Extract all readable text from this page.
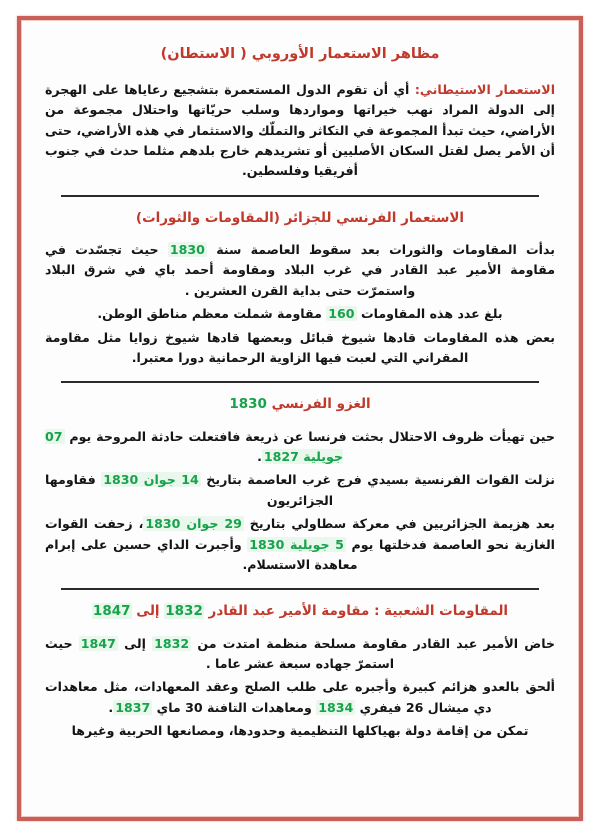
مظاهر الاستعمار الأوروبي ( الاستطان)

الاستعمار الاستيطاني: أي أن تقوم الدول المستعمرة بتشجيع رعاياها على الهجرة إلى الدولة المراد نهب خيراتها ومواردها وسلب حريّاتها واحتلال مجموعة من الأراضي، حيث تبدأ المجموعة في التكاثر والتملّك والاستثمار في هذه الأراضي، حتى أن الأمر يصل لقتل السكان الأصليين أو تشريدهم خارج بلدهم مثلما حدث في جنوب أفريقيا وفلسطين.

الاستعمار الفرنسي للجزائر (المقاومات والثورات)

بدأت المقاومات والثورات بعد سقوط العاصمة سنة 1830 حيث تجسّدت في مقاومة الأمير عبد القادر في غرب البلاد ومقاومة أحمد باي في شرق البلاد واستمرّت حتى بداية القرن العشرين .

بلغ عدد هذه المقاومات 160 مقاومة شملت معظم مناطق الوطن.

بعض هذه المقاومات قادها شيوخ قبائل وبعضها قادها شيوخ زوايا مثل مقاومة المقراني التي لعبت فيها الزاوية الرحمانية دورا معتبرا.

الغزو الفرنسي 1830

حين تهيأت ظروف الاحتلال بحثت فرنسا عن ذريعة فافتعلت حادثة المروحة يوم 07 جويلية 1827.

نزلت القوات الفرنسية بسيدي فرج غرب العاصمة بتاريخ 14 جوان 1830 فقاومها الجزائريون

بعد هزيمة الجزائريين في معركة سطاولي بتاريخ 29 جوان 1830، زحفت القوات الغازية نحو العاصمة فدخلتها يوم 5 جويلية 1830 وأجبرت الداي حسين على إبرام معاهدة الاستسلام.

المقاومات الشعبية : مقاومة الأمير عبد القادر 1832 إلى 1847

خاض الأمير عبد القادر مقاومة مسلحة منظمة امتدت من 1832 إلى 1847 حيث استمرّ جهاده سبعة عشر عاما .

ألحق بالعدو هزائم كبيرة وأجبره على طلب الصلح وعقد المعهادات، مثل معاهدات دي ميشال 26 فيفري 1834 ومعاهدات التافنة 30 ماي 1837.

تمكن من إقامة دولة بهياكلها التنظيمية وحدودها، ومصانعها الحربية وغيرها
